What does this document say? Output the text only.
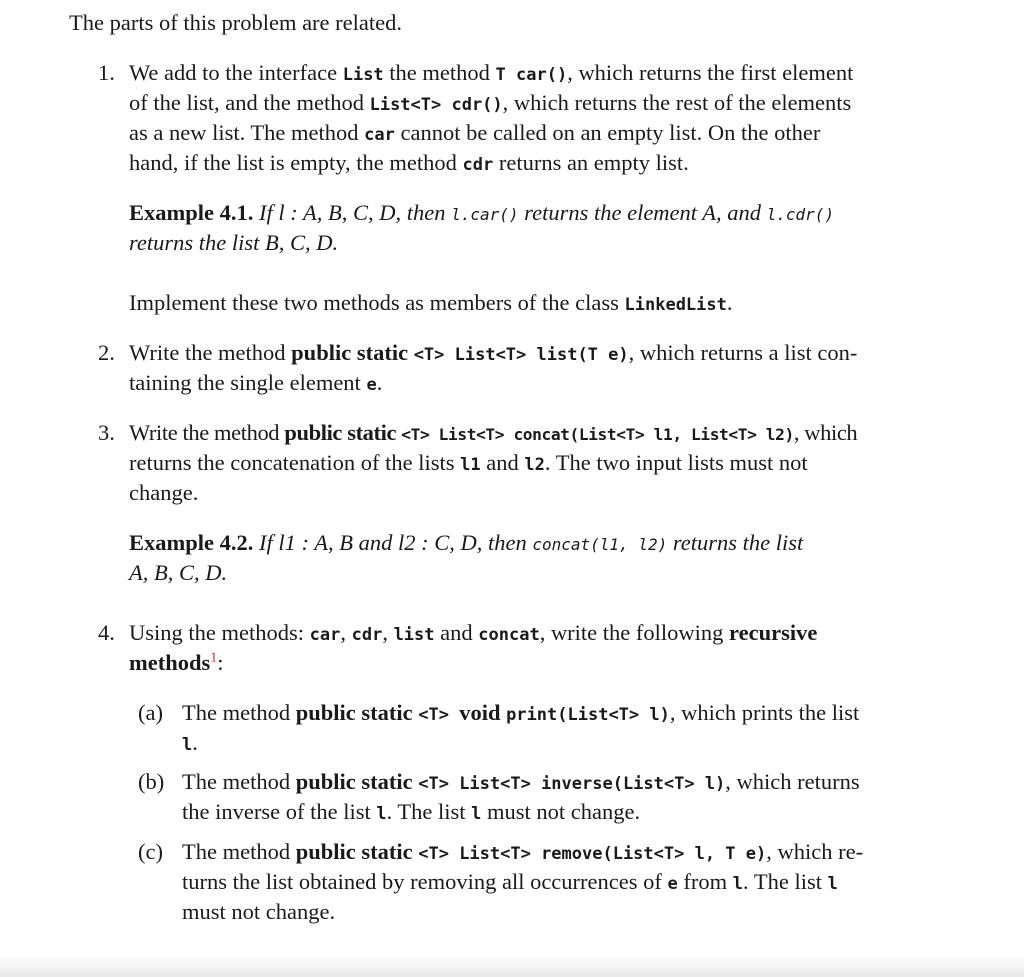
The parts of this problem are related.
1. We add to the interface List the method T car(), which returns the first element
of the list, and the method List<T> cdr(), which returns the rest of the elements
as a new list. The method car cannot be called on an empty list. On the other
hand, if the list is empty, the method cdr returns an empty list.
Example 4.1. If l : A, B, C, D, then l.car() returns the element A, and l.cdr()
returns the list B, C, D.
Implement these two methods as members of the class LinkedList.
2. Write the method public static <T> List<T> list(T e), which returns a list con-
taining the single element e.
3. Write the method public static <T> List<T> concat(List<T> l1, List<T> l2), which
returns the concatenation of the lists l1 and l2. The two input lists must not
change.
Example 4.2. If l1 : A, B and l2 : C, D, then concat(l1, l2) returns the list
A, B, C, D.
4. Using the methods: car, cdr, list and concat, write the following recursive
methods$^1$:
(a) The method public static <T> void print(List<T> l), which prints the list
l.
(b) The method public static <T> List<T> inverse(List<T> l), which returns
the inverse of the list l. The list l must not change.
(c) The method public static <T> List<T> remove(List<T> l, T e), which re-
turns the list obtained by removing all occurrences of e from l. The list l
must not change.
